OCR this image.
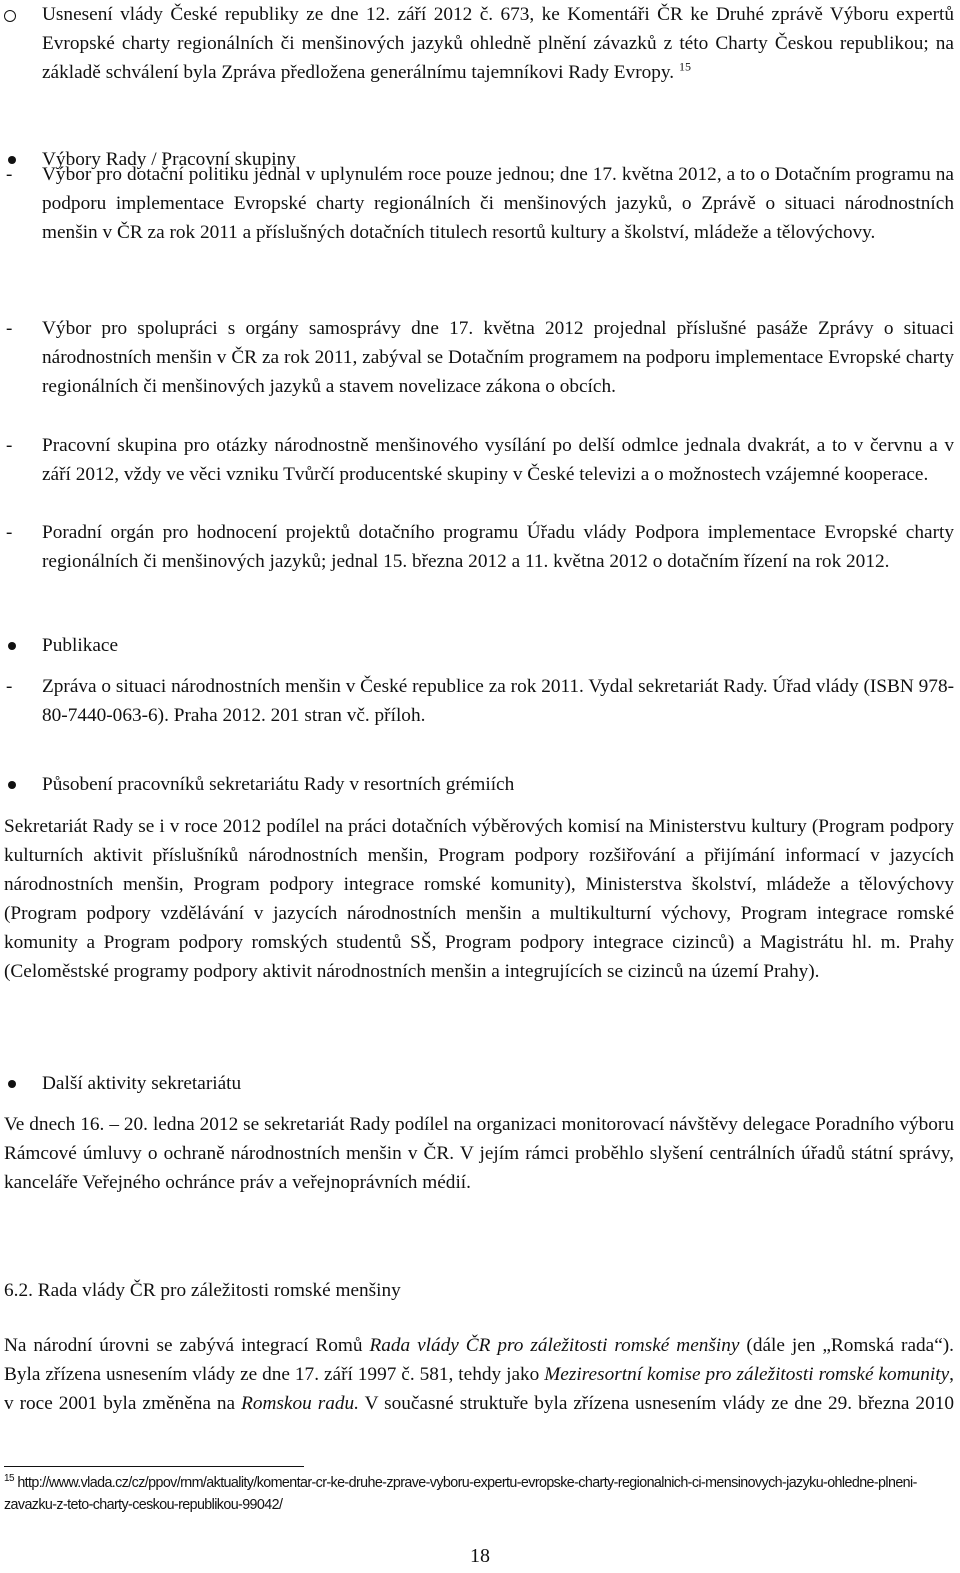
Usnesení vlády České republiky ze dne 12. září 2012 č. 673, ke Komentáři ČR ke Druhé zprávě Výboru expertů Evropské charty regionálních či menšinových jazyků ohledně plnění závazků z této Charty Českou republikou; na základě schválení byla Zpráva předložena generálnímu tajemníkovi Rady Evropy. $^{15}$
Výbory Rady / Pracovní skupiny
- Výbor pro dotační politiku jednal v uplynulém roce pouze jednou; dne 17. května 2012, a to o Dotačním programu na podporu implementace Evropské charty regionálních či menšinových jazyků, o Zprávě o situaci národnostních menšin v ČR za rok 2011 a příslušných dotačních titulech resortů kultury a školství, mládeže a tělovýchovy.
- Výbor pro spolupráci s orgány samosprávy dne 17. května 2012 projednal příslušné pasáže Zprávy o situaci národnostních menšin v ČR za rok 2011, zabýval se Dotačním programem na podporu implementace Evropské charty regionálních či menšinových jazyků a stavem novelizace zákona o obcích.
- Pracovní skupina pro otázky národnostně menšinového vysílání po delší odmlce jednala dvakrát, a to v červnu a v září 2012, vždy ve věci vzniku Tvůrčí producentské skupiny v České televizi a o možnostech vzájemné kooperace.
- Poradní orgán pro hodnocení projektů dotačního programu Úřadu vlády Podpora implementace Evropské charty regionálních či menšinových jazyků; jednal 15. března 2012 a 11. května 2012 o dotačním řízení na rok 2012.
Publikace
- Zpráva o situaci národnostních menšin v České republice za rok 2011. Vydal sekretariát Rady. Úřad vlády (ISBN 978-80-7440-063-6). Praha 2012. 201 stran vč. příloh.
Působení pracovníků sekretariátu Rady v resortních grémiích
Sekretariát Rady se i v roce 2012 podílel na práci dotačních výběrových komisí na Ministerstvu kultury (Program podpory kulturních aktivit příslušníků národnostních menšin, Program podpory rozšiřování a přijímání informací v jazycích národnostních menšin, Program podpory integrace romské komunity), Ministerstva školství, mládeže a tělovýchovy (Program podpory vzdělávání v jazycích národnostních menšin a multikulturní výchovy, Program integrace romské komunity a Program podpory romských studentů SŠ, Program podpory integrace cizinců) a Magistrátu hl. m. Prahy (Celoměstské programy podpory aktivit národnostních menšin a integrujících se cizinců na území Prahy).
Další aktivity sekretariátu
Ve dnech 16. – 20. ledna 2012 se sekretariát Rady podílel na organizaci monitorovací návštěvy delegace Poradního výboru Rámcové úmluvy o ochraně národnostních menšin v ČR. V jejím rámci proběhlo slyšení centrálních úřadů státní správy, kanceláře Veřejného ochránce práv a veřejnoprávních médií.
6.2. Rada vlády ČR pro záležitosti romské menšiny
Na národní úrovni se zabývá integrací Romů Rada vlády ČR pro záležitosti romské menšiny (dále jen „Romská rada“). Byla zřízena usnesením vlády ze dne 17. září 1997 č. 581, tehdy jako Meziresortní komise pro záležitosti romské komunity, v roce 2001 byla změněna na Romskou radu. V současné struktuře byla zřízena usnesením vlády ze dne 29. března 2010
$^{15}$ http://www.vlada.cz/cz/ppov/rnm/aktuality/komentar-cr-ke-druhe-zprave-vyboru-expertu-evropske-charty-regionalnich-ci-mensinovych-jazyku-ohledne-plneni-zavazku-z-teto-charty-ceskou-republikou-99042/
18
